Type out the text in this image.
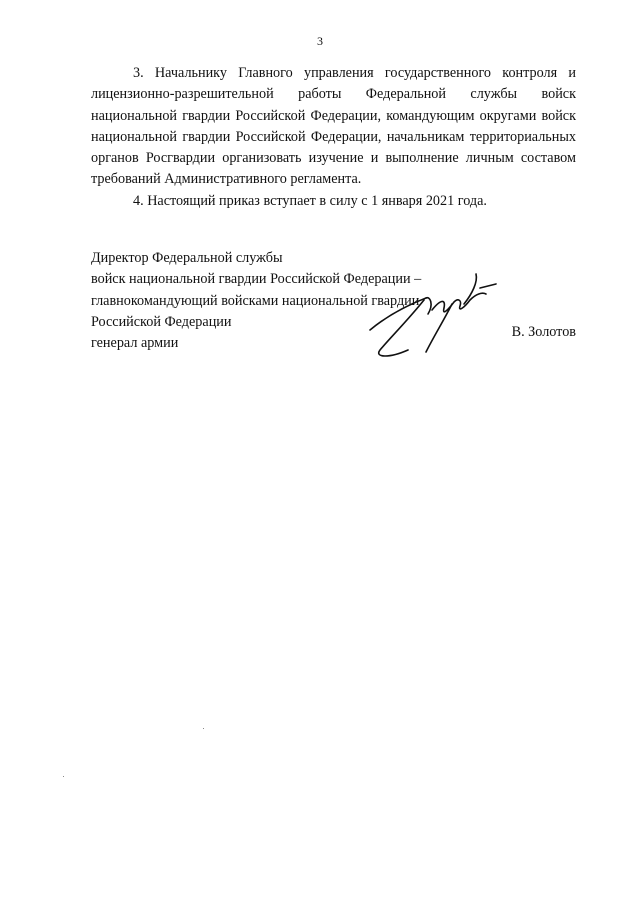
3

3. Начальнику Главного управления государственного контроля и лицензионно-разрешительной работы Федеральной службы войск национальной гвардии Российской Федерации, командующим округами войск национальной гвардии Российской Федерации, начальникам территориальных органов Росгвардии организовать изучение и выполнение личным составом требований Административного регламента.

4. Настоящий приказ вступает в силу с 1 января 2021 года.

Директор Федеральной службы
войск национальной гвардии Российской Федерации –
главнокомандующий войсками национальной гвардии
Российской Федерации
генерал армии
В. Золотов
